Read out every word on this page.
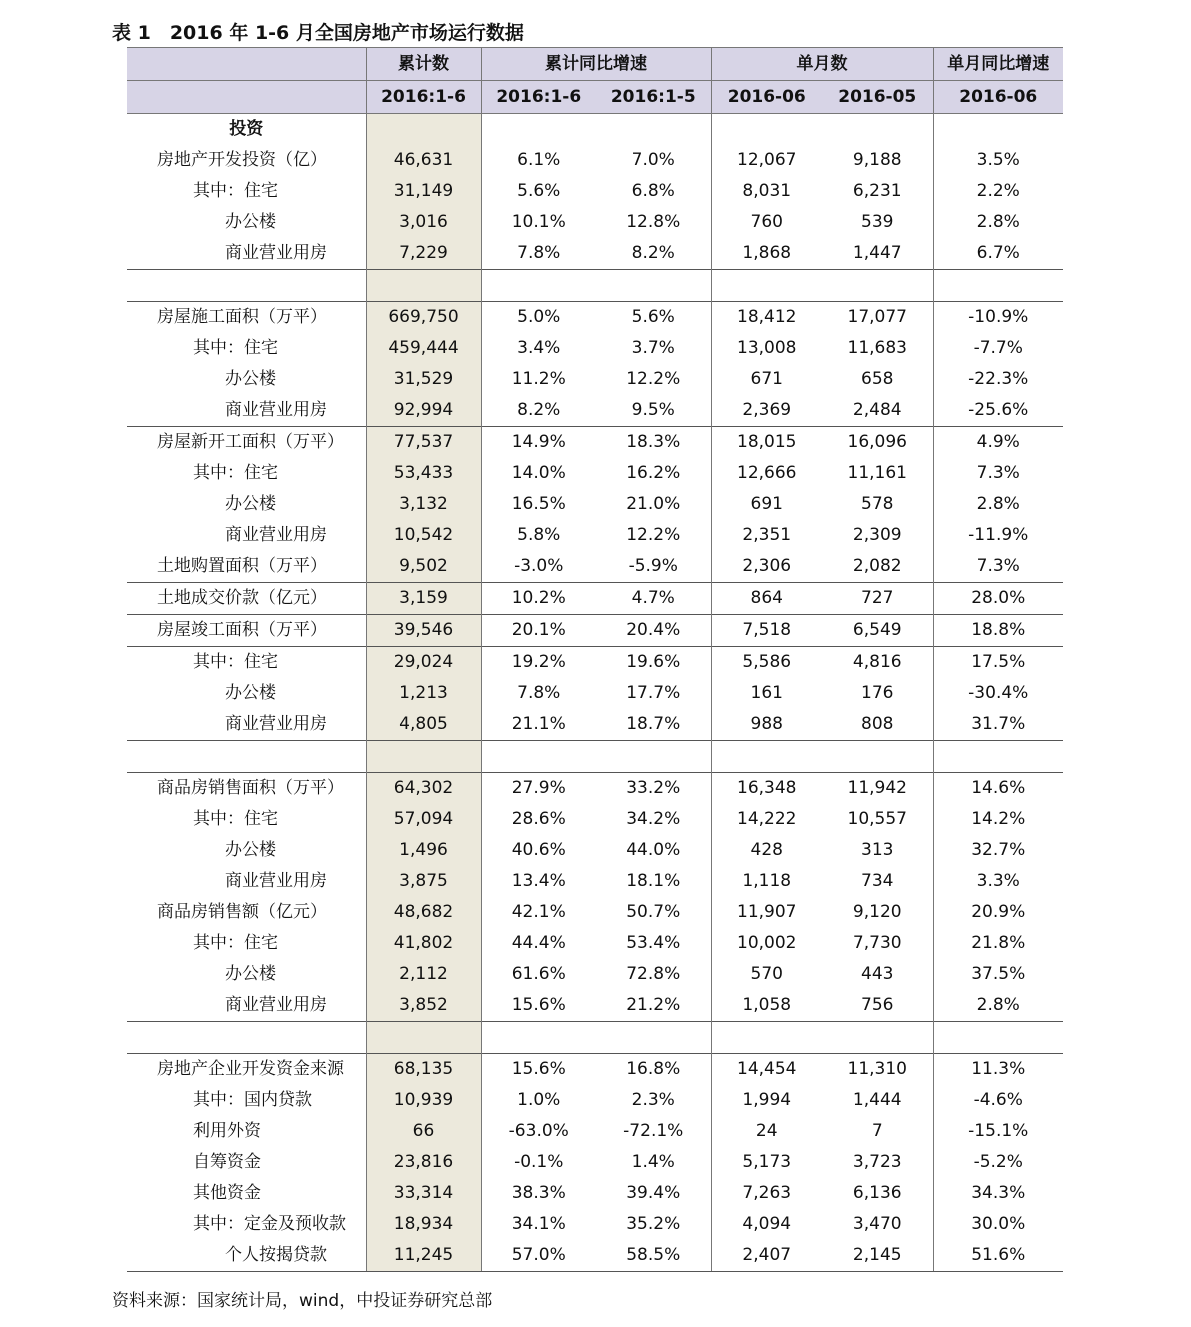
表 1　2016 年 1-6 月全国房地产市场运行数据
	累计数	累计同比增速		单月数		单月同比增速
	2016:1-6	2016:1-6	2016:1-5	2016-06	2016-05	2016-06
投资						
房地产开发投资（亿）	46,631	6.1%	7.0%	12,067	9,188	3.5%
其中：住宅	31,149	5.6%	6.8%	8,031	6,231	2.2%
办公楼	3,016	10.1%	12.8%	760	539	2.8%
商业营业用房	7,229	7.8%	8.2%	1,868	1,447	6.7%

房屋施工面积（万平）	669,750	5.0%	5.6%	18,412	17,077	-10.9%
其中：住宅	459,444	3.4%	3.7%	13,008	11,683	-7.7%
办公楼	31,529	11.2%	12.2%	671	658	-22.3%
商业营业用房	92,994	8.2%	9.5%	2,369	2,484	-25.6%
房屋新开工面积（万平）	77,537	14.9%	18.3%	18,015	16,096	4.9%
其中：住宅	53,433	14.0%	16.2%	12,666	11,161	7.3%
办公楼	3,132	16.5%	21.0%	691	578	2.8%
商业营业用房	10,542	5.8%	12.2%	2,351	2,309	-11.9%
土地购置面积（万平）	9,502	-3.0%	-5.9%	2,306	2,082	7.3%
土地成交价款（亿元）	3,159	10.2%	4.7%	864	727	28.0%
房屋竣工面积（万平）	39,546	20.1%	20.4%	7,518	6,549	18.8%
其中：住宅	29,024	19.2%	19.6%	5,586	4,816	17.5%
办公楼	1,213	7.8%	17.7%	161	176	-30.4%
商业营业用房	4,805	21.1%	18.7%	988	808	31.7%

商品房销售面积（万平）	64,302	27.9%	33.2%	16,348	11,942	14.6%
其中：住宅	57,094	28.6%	34.2%	14,222	10,557	14.2%
办公楼	1,496	40.6%	44.0%	428	313	32.7%
商业营业用房	3,875	13.4%	18.1%	1,118	734	3.3%
商品房销售额（亿元）	48,682	42.1%	50.7%	11,907	9,120	20.9%
其中：住宅	41,802	44.4%	53.4%	10,002	7,730	21.8%
办公楼	2,112	61.6%	72.8%	570	443	37.5%
商业营业用房	3,852	15.6%	21.2%	1,058	756	2.8%

房地产企业开发资金来源	68,135	15.6%	16.8%	14,454	11,310	11.3%
其中：国内贷款	10,939	1.0%	2.3%	1,994	1,444	-4.6%
利用外资	66	-63.0%	-72.1%	24	7	-15.1%
自筹资金	23,816	-0.1%	1.4%	5,173	3,723	-5.2%
其他资金	33,314	38.3%	39.4%	7,263	6,136	34.3%
其中：定金及预收款	18,934	34.1%	35.2%	4,094	3,470	30.0%
个人按揭贷款	11,245	57.0%	58.5%	2,407	2,145	51.6%
资料来源：国家统计局，wind，中投证券研究总部
